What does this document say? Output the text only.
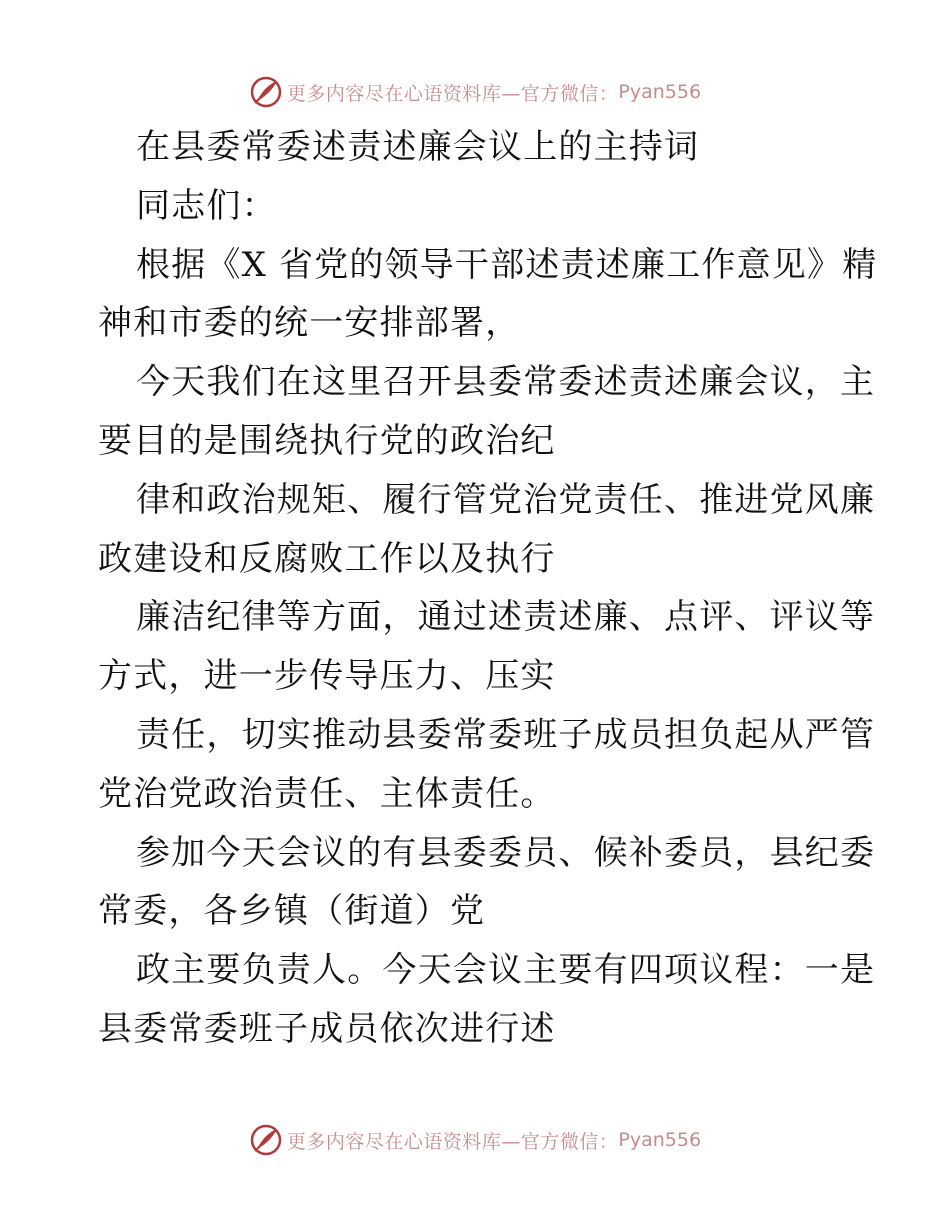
更多内容尽在心语资料库—官方微信： Pyan556
在县委常委述责述廉会议上的主持词
同志们：
根据《X 省党的领导干部述责述廉工作意见》精
神和市委的统一安排部署，
今天我们在这里召开县委常委述责述廉会议，主
要目的是围绕执行党的政治纪
律和政治规矩、履行管党治党责任、推进党风廉
政建设和反腐败工作以及执行
廉洁纪律等方面，通过述责述廉、点评、评议等
方式，进一步传导压力、压实
责任，切实推动县委常委班子成员担负起从严管
党治党政治责任、主体责任。
参加今天会议的有县委委员、候补委员，县纪委
常委，各乡镇（街道）党
政主要负责人。今天会议主要有四项议程：一是
县委常委班子成员依次进行述
更多内容尽在心语资料库—官方微信： Pyan556
